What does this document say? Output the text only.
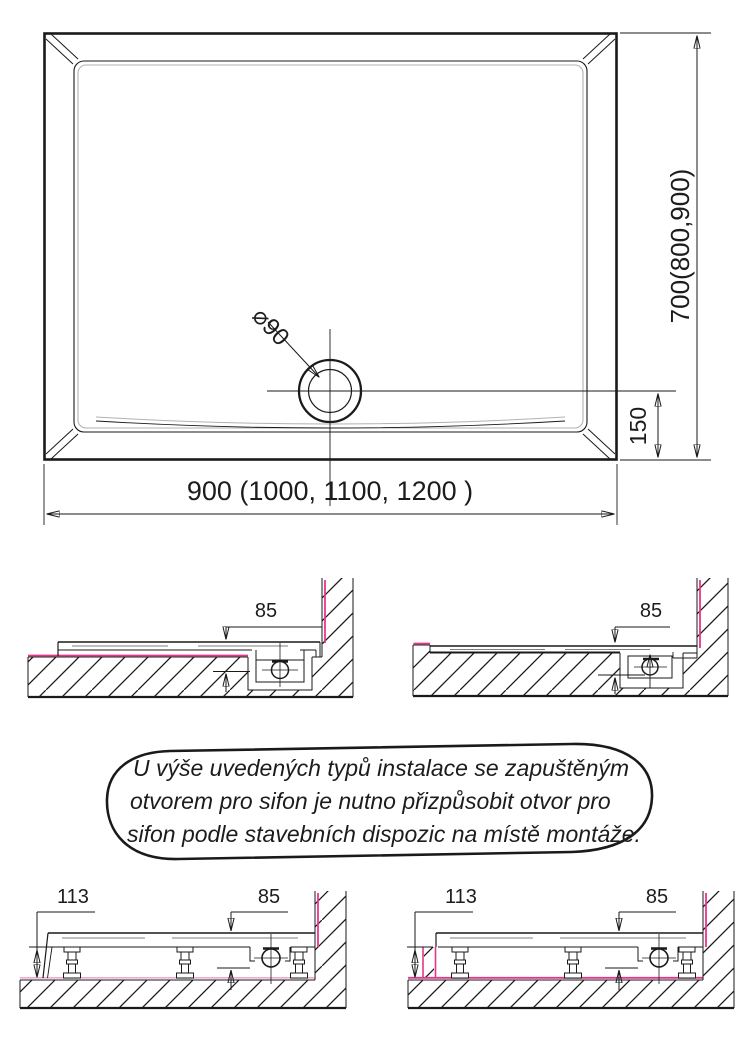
⌀90
700(800,900)
150
900 (1000, 1100, 1200 )
85	85
U výše uvedených typů instalace se zapuštěným
otvorem pro sifon je nutno přizpůsobit otvor pro
sifon podle stavebních dispozic na místě montáže.
113	85	113	85
